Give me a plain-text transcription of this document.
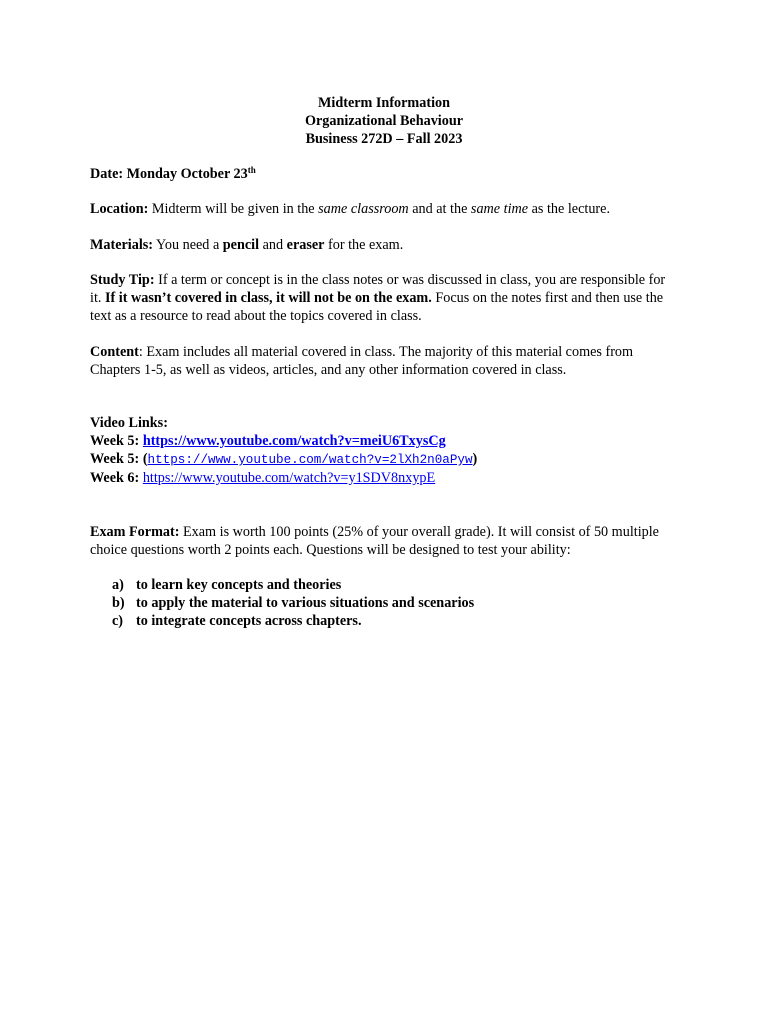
Midterm Information
Organizational Behaviour
Business 272D – Fall 2023
Date: Monday October 23th
Location: Midterm will be given in the same classroom and at the same time as the lecture.
Materials: You need a pencil and eraser for the exam.
Study Tip: If a term or concept is in the class notes or was discussed in class, you are responsible for it. If it wasn’t covered in class, it will not be on the exam. Focus on the notes first and then use the text as a resource to read about the topics covered in class.
Content: Exam includes all material covered in class. The majority of this material comes from Chapters 1-5, as well as videos, articles, and any other information covered in class.
Video Links:
Week 5: https://www.youtube.com/watch?v=meiU6TxysCg
Week 5: (https://www.youtube.com/watch?v=2lXh2n0aPyw)
Week 6: https://www.youtube.com/watch?v=y1SDV8nxypE
Exam Format: Exam is worth 100 points (25% of your overall grade). It will consist of 50 multiple choice questions worth 2 points each. Questions will be designed to test your ability:
a) to learn key concepts and theories
b) to apply the material to various situations and scenarios
c) to integrate concepts across chapters.
